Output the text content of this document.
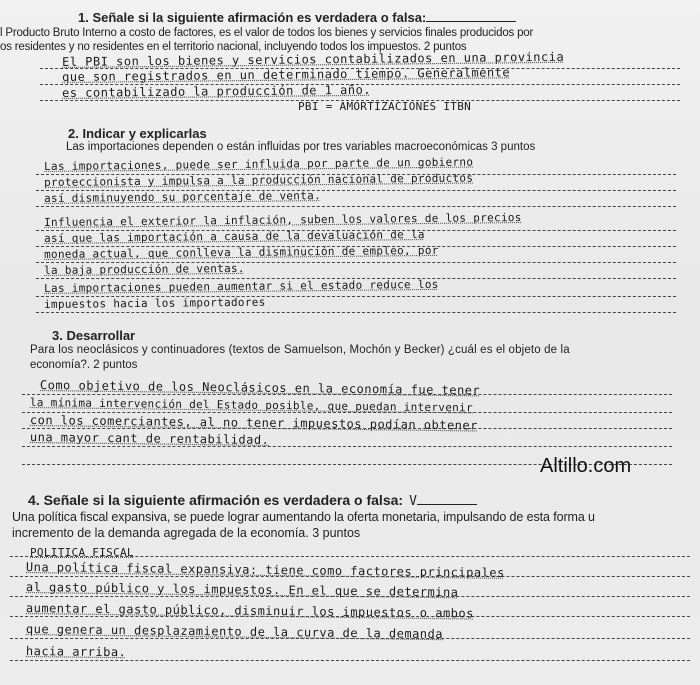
1. Señale si la siguiente afirmación es verdadera o falsa:
l Producto Bruto Interno a costo de factores, es el valor de todos los bienes y servicios finales producidos por
os residentes y no residentes en el territorio nacional, incluyendo todos los impuestos. 2 puntos
El PBI son los bienes y servicios contabilizados en una provincia
que son registrados en un determinado tiempo. Generalmente
es contabilizado la producción de 1 año.
PBI = AMORTIZACIONES ITBN
2. Indicar y explicarlas
Las importaciones dependen o están influidas por tres variables macroeconómicas 3 puntos
Las importaciones, puede ser influida por parte de un gobierno
proteccionista y impulsa a la producción nacional de productos
así disminuyendo su porcentaje de venta.
Influencia el exterior la inflación, suben los valores de los precios
así que las importación a causa de la devaluación de la
moneda actual, que conlleva la disminución de empleo, por
la baja producción de ventas.
Las importaciones pueden aumentar si el estado reduce los
impuestos hacia los importadores
3. Desarrollar
Para los neoclásicos y continuadores (textos de Samuelson, Mochón y Becker) ¿cuál es el objeto de la
economía?. 2 puntos
Como objetivo de los Neoclásicos en la economía fue tener
la mínima intervención del Estado posible, que puedan intervenir
con los comerciantes, al no tener impuestos podían obtener
una mayor cant de rentabilidad.
Altillo.com
4. Señale si la siguiente afirmación es verdadera o falsa: V
Una política fiscal expansiva, se puede lograr aumentando la oferta monetaria, impulsando de esta forma u
incremento de la demanda agregada de la economía. 3 puntos
POLITICA FISCAL
Una política fiscal expansiva: tiene como factores principales
al gasto público y los impuestos. En el que se determina
aumentar el gasto público, disminuir los impuestos o ambos
que genera un desplazamiento de la curva de la demanda
hacia arriba.
